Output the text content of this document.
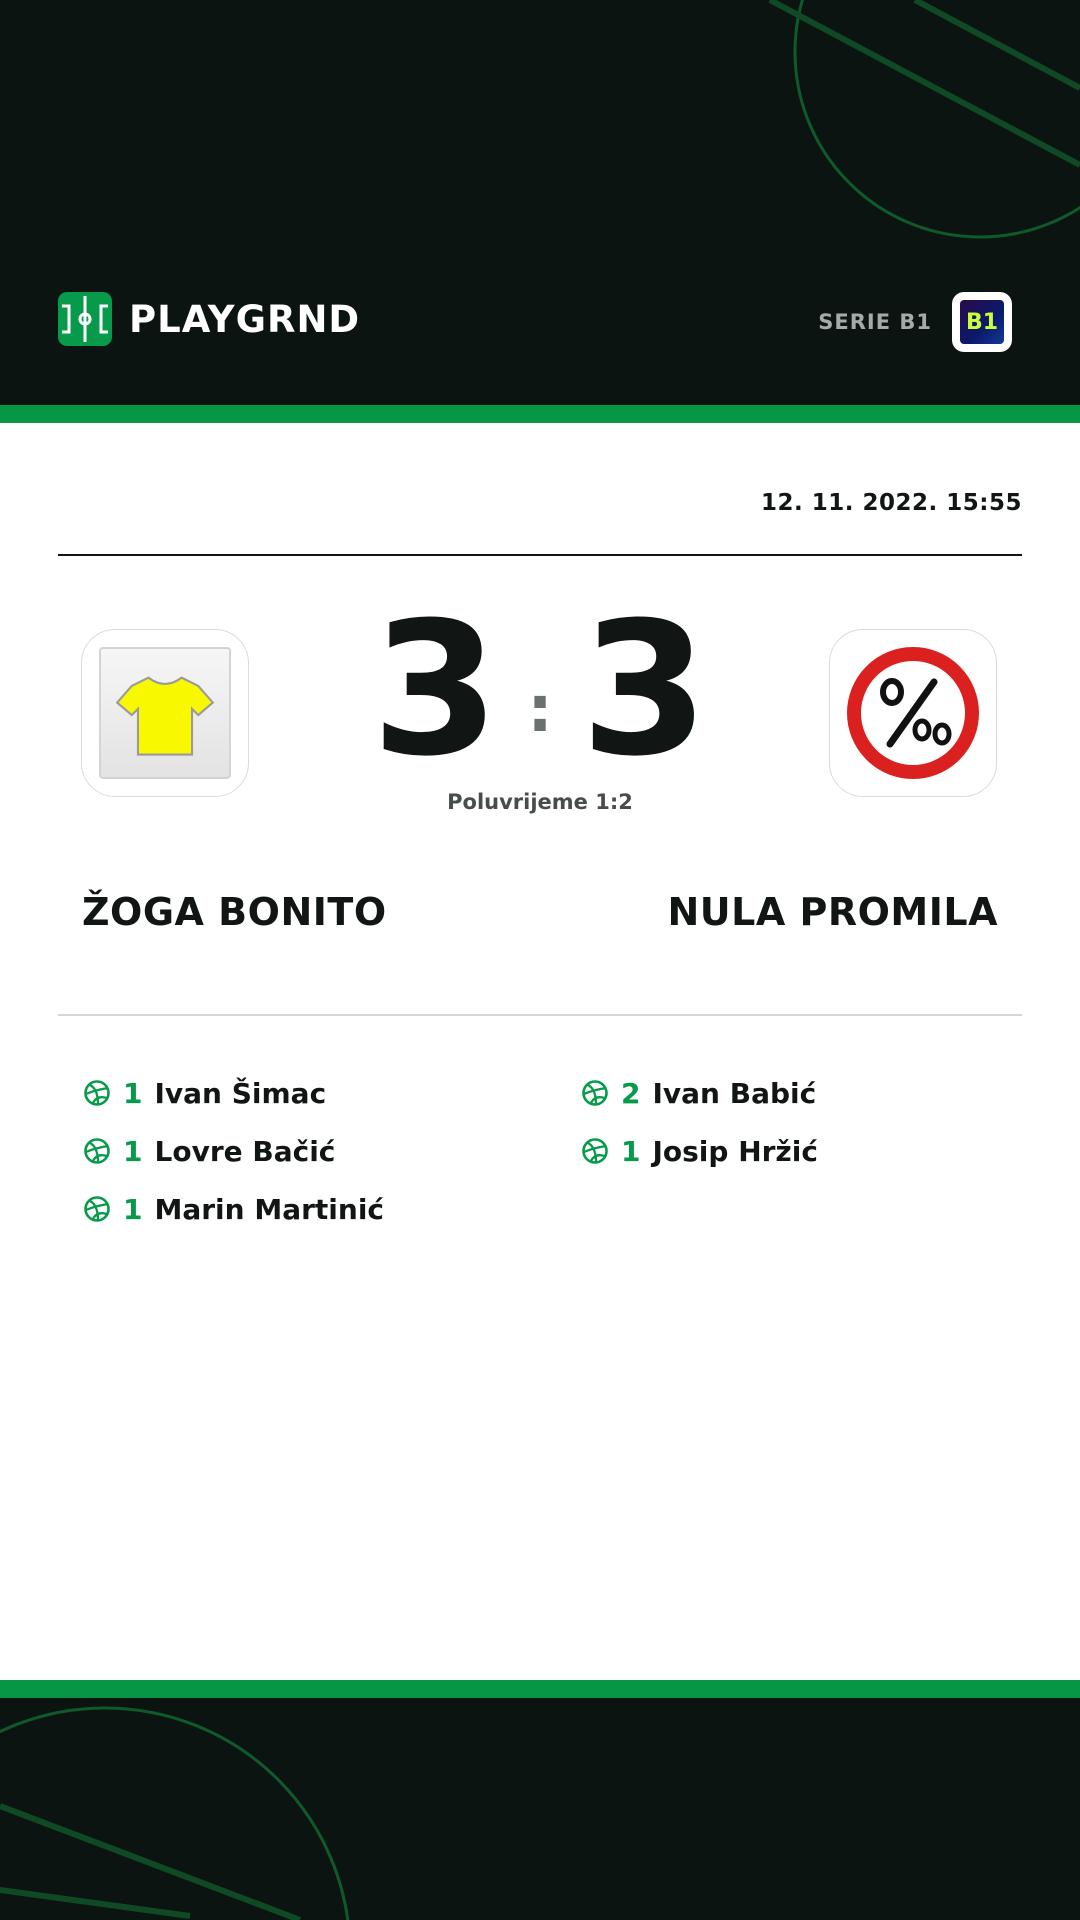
PLAYGRND	SERIE B1 B1
12. 11. 2022. 15:55
3 : 3
Poluvrijeme 1:2
ŽOGA BONITO	NULA PROMILA
1 Ivan Šimac
1 Lovre Bačić
1 Marin Martinić
2 Ivan Babić
1 Josip Hržić
